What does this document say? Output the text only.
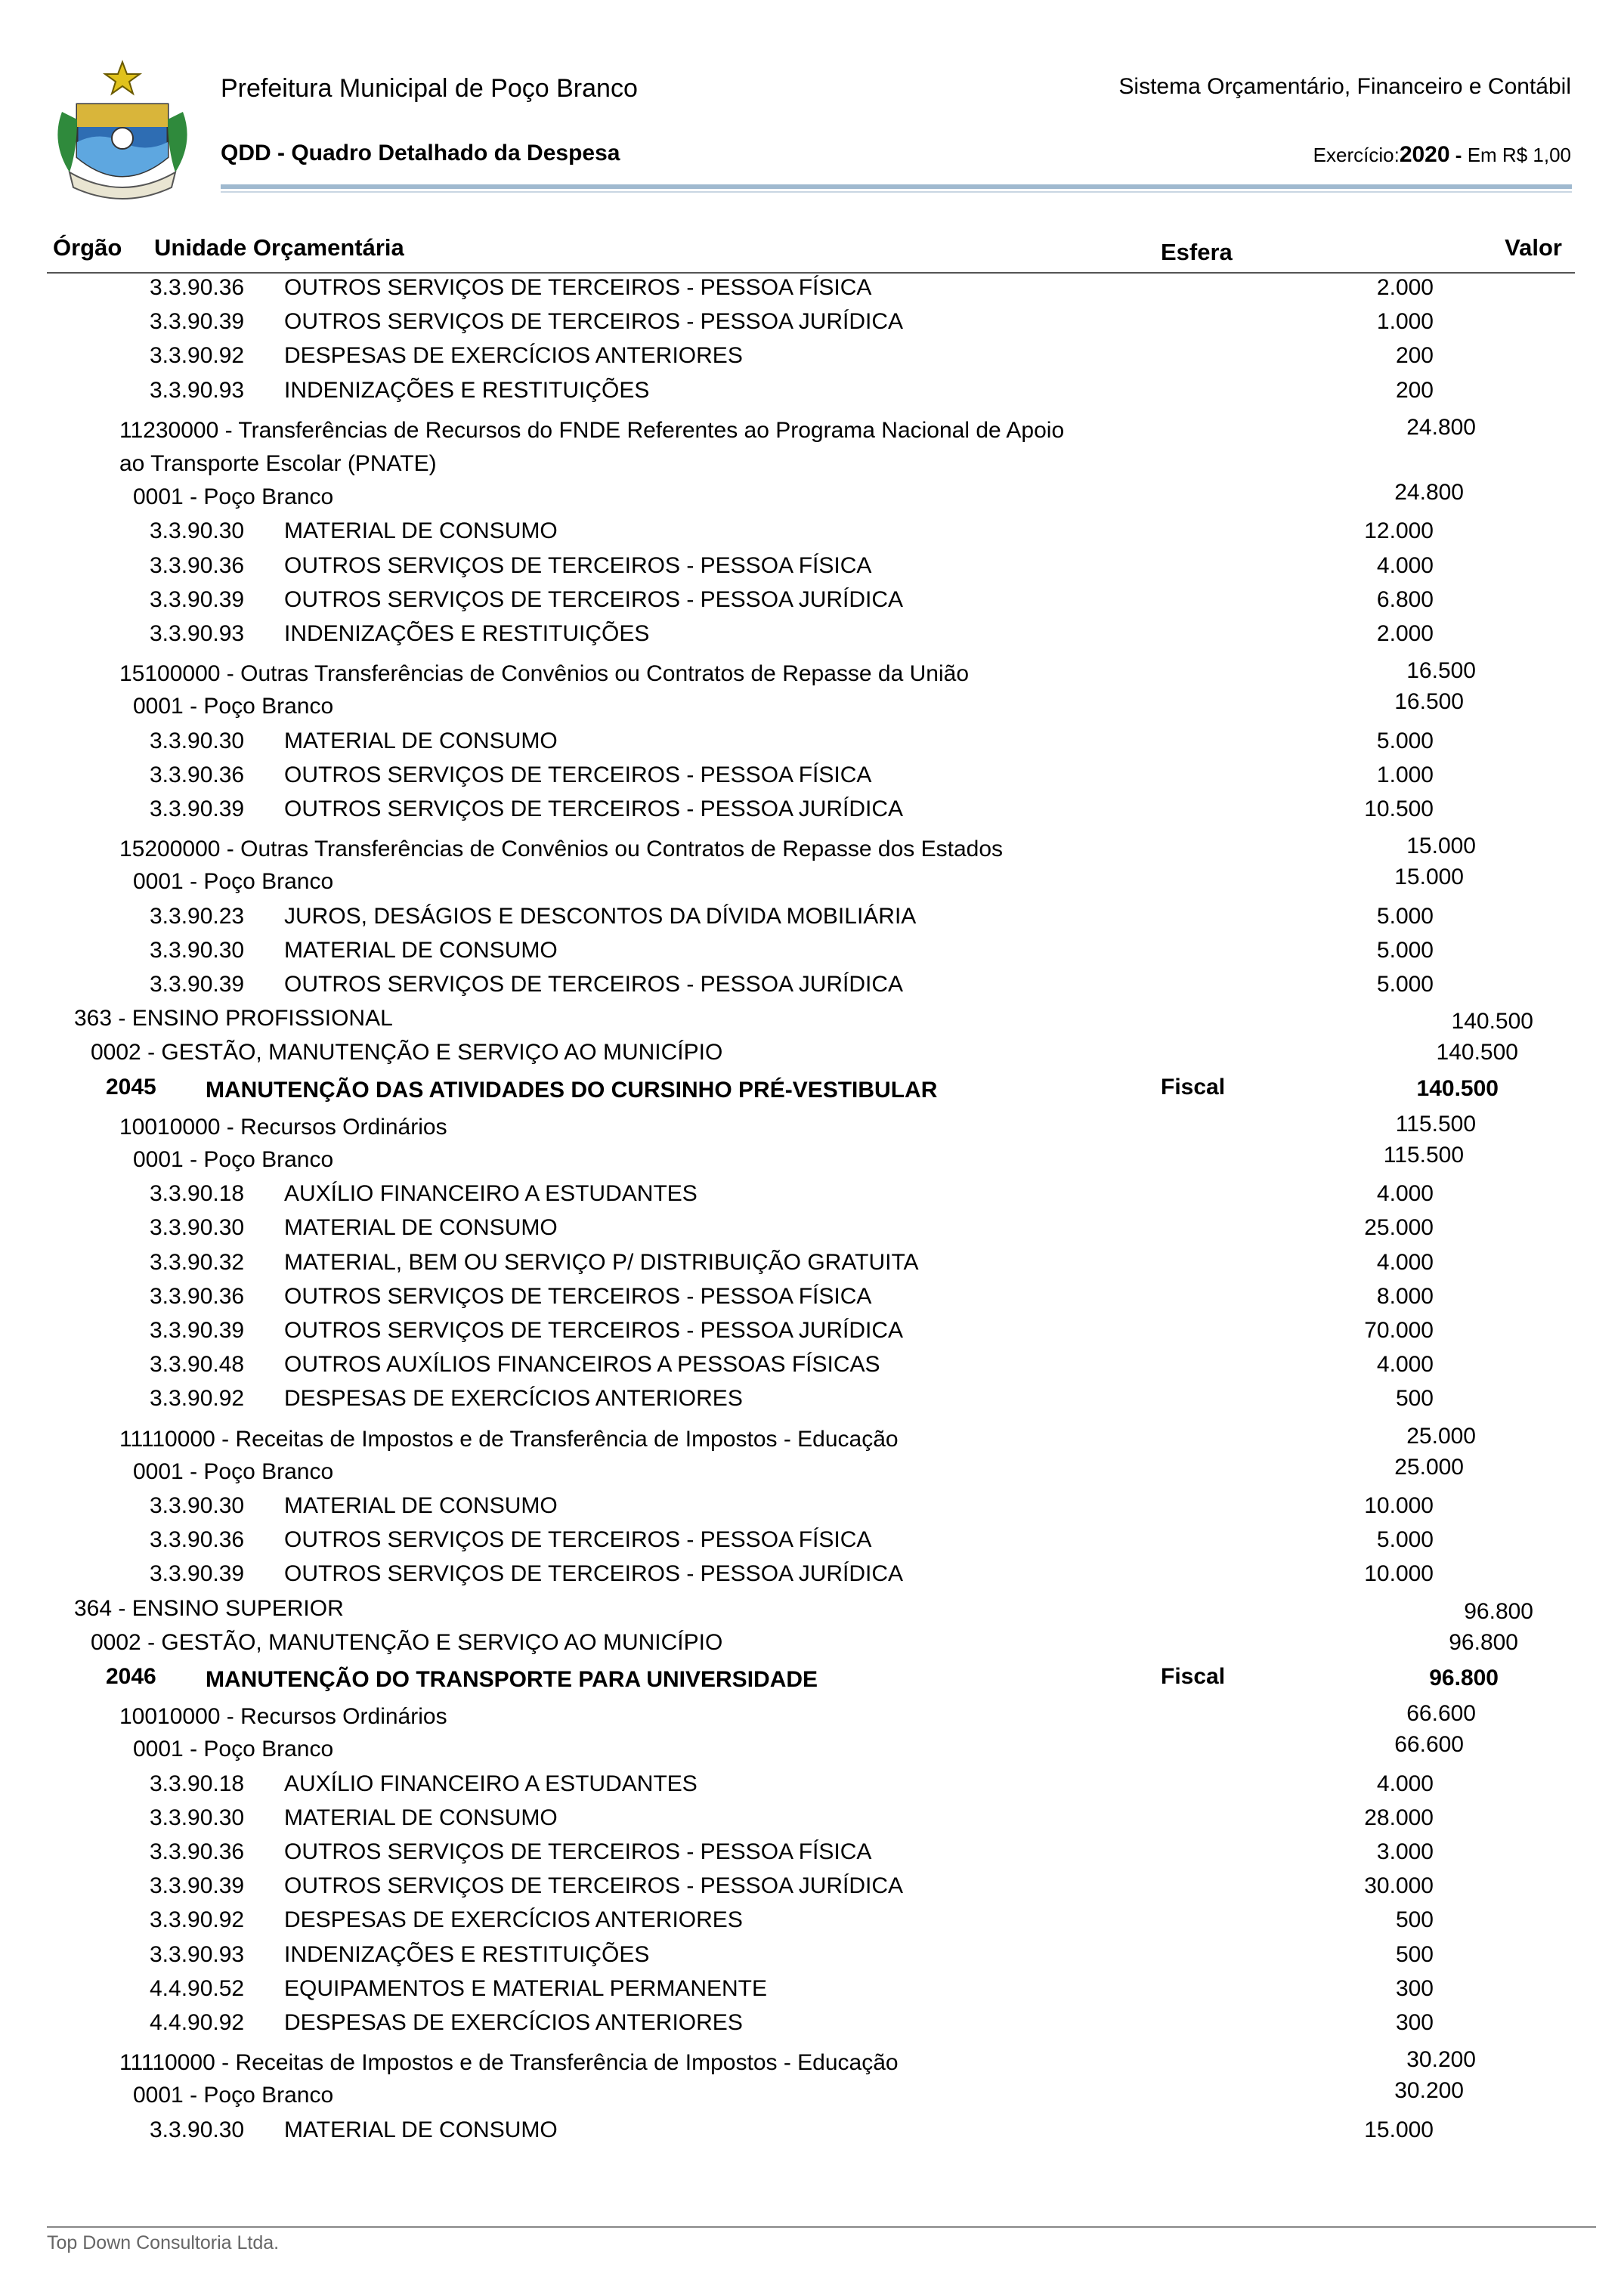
Prefeitura Municipal de Poço Branco
QDD - Quadro Detalhado da Despesa
Sistema Orçamentário, Financeiro e Contábil
Exercício:2020 - Em R$ 1,00
Órgão Unidade Orçamentária	Esfera	Valor
3.3.90.36 OUTROS SERVIÇOS DE TERCEIROS - PESSOA FÍSICA	2.000
3.3.90.39 OUTROS SERVIÇOS DE TERCEIROS - PESSOA JURÍDICA	1.000
3.3.90.92 DESPESAS DE EXERCÍCIOS ANTERIORES	200
3.3.90.93 INDENIZAÇÕES E RESTITUIÇÕES	200
11230000 - Transferências de Recursos do FNDE Referentes ao Programa Nacional de Apoio	24.800
ao Transporte Escolar (PNATE)
0001 - Poço Branco	24.800
3.3.90.30 MATERIAL DE CONSUMO	12.000
3.3.90.36 OUTROS SERVIÇOS DE TERCEIROS - PESSOA FÍSICA	4.000
3.3.90.39 OUTROS SERVIÇOS DE TERCEIROS - PESSOA JURÍDICA	6.800
3.3.90.93 INDENIZAÇÕES E RESTITUIÇÕES	2.000
15100000 - Outras Transferências de Convênios ou Contratos de Repasse da União	16.500
0001 - Poço Branco	16.500
3.3.90.30 MATERIAL DE CONSUMO	5.000
3.3.90.36 OUTROS SERVIÇOS DE TERCEIROS - PESSOA FÍSICA	1.000
3.3.90.39 OUTROS SERVIÇOS DE TERCEIROS - PESSOA JURÍDICA	10.500
15200000 - Outras Transferências de Convênios ou Contratos de Repasse dos Estados	15.000
0001 - Poço Branco	15.000
3.3.90.23 JUROS, DESÁGIOS E DESCONTOS DA DÍVIDA MOBILIÁRIA	5.000
3.3.90.30 MATERIAL DE CONSUMO	5.000
3.3.90.39 OUTROS SERVIÇOS DE TERCEIROS - PESSOA JURÍDICA	5.000
363 - ENSINO PROFISSIONAL	140.500
0002 - GESTÃO, MANUTENÇÃO E SERVIÇO AO MUNICÍPIO	140.500
2045 MANUTENÇÃO DAS ATIVIDADES DO CURSINHO PRÉ-VESTIBULAR	Fiscal	140.500
10010000 - Recursos Ordinários	115.500
0001 - Poço Branco	115.500
3.3.90.18 AUXÍLIO FINANCEIRO A ESTUDANTES	4.000
3.3.90.30 MATERIAL DE CONSUMO	25.000
3.3.90.32 MATERIAL, BEM OU SERVIÇO P/ DISTRIBUIÇÃO GRATUITA	4.000
3.3.90.36 OUTROS SERVIÇOS DE TERCEIROS - PESSOA FÍSICA	8.000
3.3.90.39 OUTROS SERVIÇOS DE TERCEIROS - PESSOA JURÍDICA	70.000
3.3.90.48 OUTROS AUXÍLIOS FINANCEIROS A PESSOAS FÍSICAS	4.000
3.3.90.92 DESPESAS DE EXERCÍCIOS ANTERIORES	500
11110000 - Receitas de Impostos e de Transferência de Impostos - Educação	25.000
0001 - Poço Branco	25.000
3.3.90.30 MATERIAL DE CONSUMO	10.000
3.3.90.36 OUTROS SERVIÇOS DE TERCEIROS - PESSOA FÍSICA	5.000
3.3.90.39 OUTROS SERVIÇOS DE TERCEIROS - PESSOA JURÍDICA	10.000
364 - ENSINO SUPERIOR	96.800
0002 - GESTÃO, MANUTENÇÃO E SERVIÇO AO MUNICÍPIO	96.800
2046 MANUTENÇÃO DO TRANSPORTE PARA UNIVERSIDADE	Fiscal	96.800
10010000 - Recursos Ordinários	66.600
0001 - Poço Branco	66.600
3.3.90.18 AUXÍLIO FINANCEIRO A ESTUDANTES	4.000
3.3.90.30 MATERIAL DE CONSUMO	28.000
3.3.90.36 OUTROS SERVIÇOS DE TERCEIROS - PESSOA FÍSICA	3.000
3.3.90.39 OUTROS SERVIÇOS DE TERCEIROS - PESSOA JURÍDICA	30.000
3.3.90.92 DESPESAS DE EXERCÍCIOS ANTERIORES	500
3.3.90.93 INDENIZAÇÕES E RESTITUIÇÕES	500
4.4.90.52 EQUIPAMENTOS E MATERIAL PERMANENTE	300
4.4.90.92 DESPESAS DE EXERCÍCIOS ANTERIORES	300
11110000 - Receitas de Impostos e de Transferência de Impostos - Educação	30.200
0001 - Poço Branco	30.200
3.3.90.30 MATERIAL DE CONSUMO	15.000
Top Down Consultoria Ltda.
